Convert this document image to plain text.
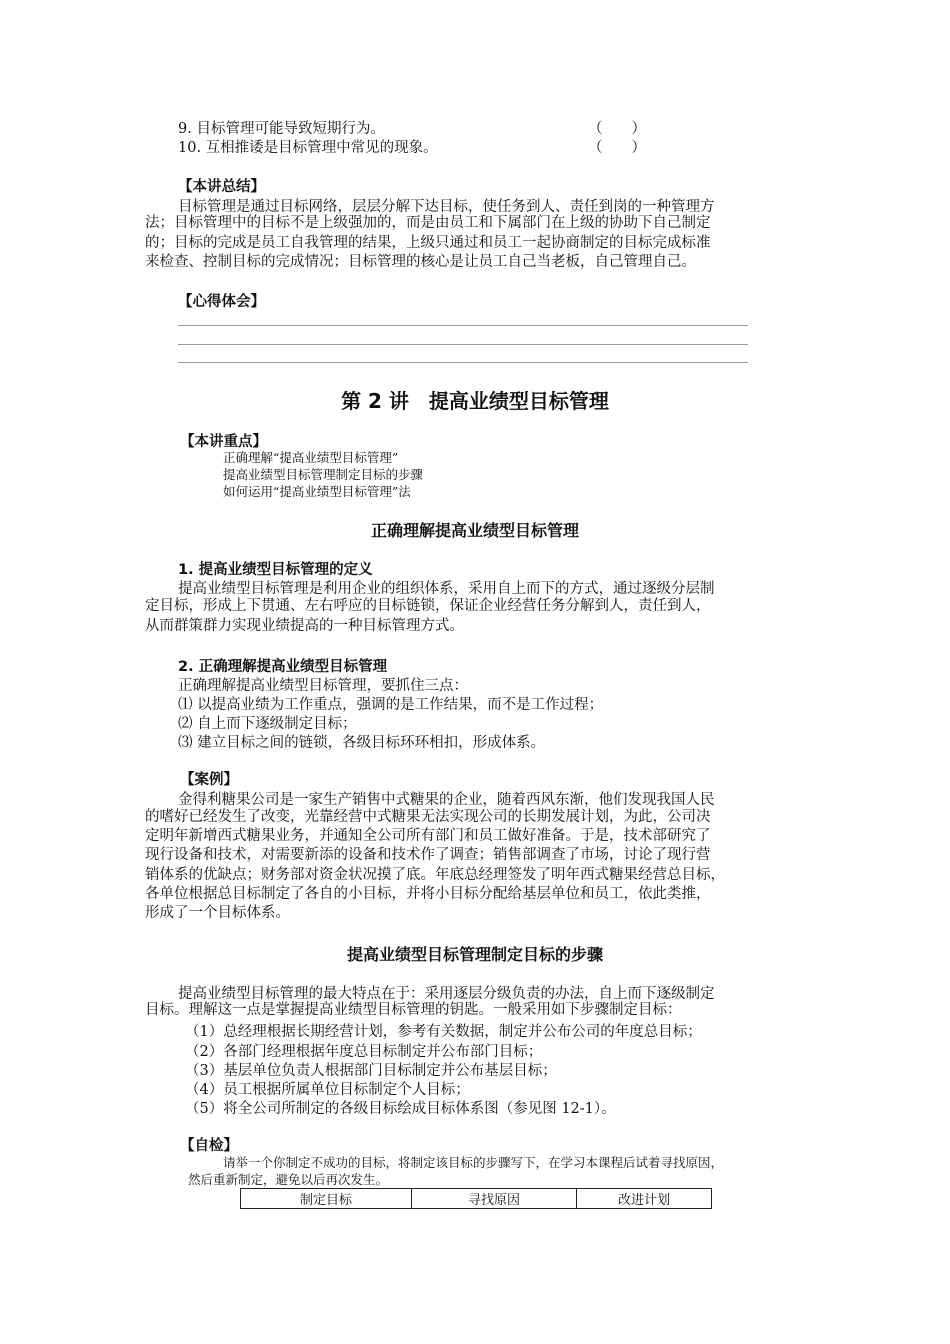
9. 目标管理可能导致短期行为。	（　　）
10. 互相推诿是目标管理中常见的现象。	（　　）
【本讲总结】
目标管理是通过目标网络，层层分解下达目标，使任务到人、责任到岗的一种管理方
法；目标管理中的目标不是上级强加的，而是由员工和下属部门在上级的协助下自己制定
的；目标的完成是员工自我管理的结果，上级只通过和员工一起协商制定的目标完成标准
来检查、控制目标的完成情况；目标管理的核心是让员工自己当老板，自己管理自己。
【心得体会】
第 2 讲　提高业绩型目标管理
【本讲重点】
正确理解“提高业绩型目标管理”
提高业绩型目标管理制定目标的步骤
如何运用“提高业绩型目标管理”法
正确理解提高业绩型目标管理
1. 提高业绩型目标管理的定义
提高业绩型目标管理是利用企业的组织体系，采用自上而下的方式，通过逐级分层制
定目标，形成上下贯通、左右呼应的目标链锁，保证企业经营任务分解到人，责任到人，
从而群策群力实现业绩提高的一种目标管理方式。
2. 正确理解提高业绩型目标管理
正确理解提高业绩型目标管理，要抓住三点：
⑴ 以提高业绩为工作重点，强调的是工作结果，而不是工作过程；
⑵ 自上而下逐级制定目标；
⑶ 建立目标之间的链锁，各级目标环环相扣，形成体系。
【案例】
金得利糖果公司是一家生产销售中式糖果的企业，随着西风东渐，他们发现我国人民
的嗜好已经发生了改变，光靠经营中式糖果无法实现公司的长期发展计划，为此，公司决
定明年新增西式糖果业务，并通知全公司所有部门和员工做好准备。于是，技术部研究了
现行设备和技术，对需要新添的设备和技术作了调查；销售部调查了市场，讨论了现行营
销体系的优缺点；财务部对资金状况摸了底。年底总经理签发了明年西式糖果经营总目标，
各单位根据总目标制定了各自的小目标，并将小目标分配给基层单位和员工，依此类推，
形成了一个目标体系。
提高业绩型目标管理制定目标的步骤
提高业绩型目标管理的最大特点在于：采用逐层分级负责的办法，自上而下逐级制定
目标。理解这一点是掌握提高业绩型目标管理的钥匙。一般采用如下步骤制定目标：
（1）总经理根据长期经营计划，参考有关数据，制定并公布公司的年度总目标；
（2）各部门经理根据年度总目标制定并公布部门目标；
（3）基层单位负责人根据部门目标制定并公布基层目标；
（4）员工根据所属单位目标制定个人目标；
（5）将全公司所制定的各级目标绘成目标体系图（参见图 12-1）。
【自检】
请举一个你制定不成功的目标，将制定该目标的步骤写下，在学习本课程后试着寻找原因，
然后重新制定，避免以后再次发生。
制定目标	寻找原因	改进计划
